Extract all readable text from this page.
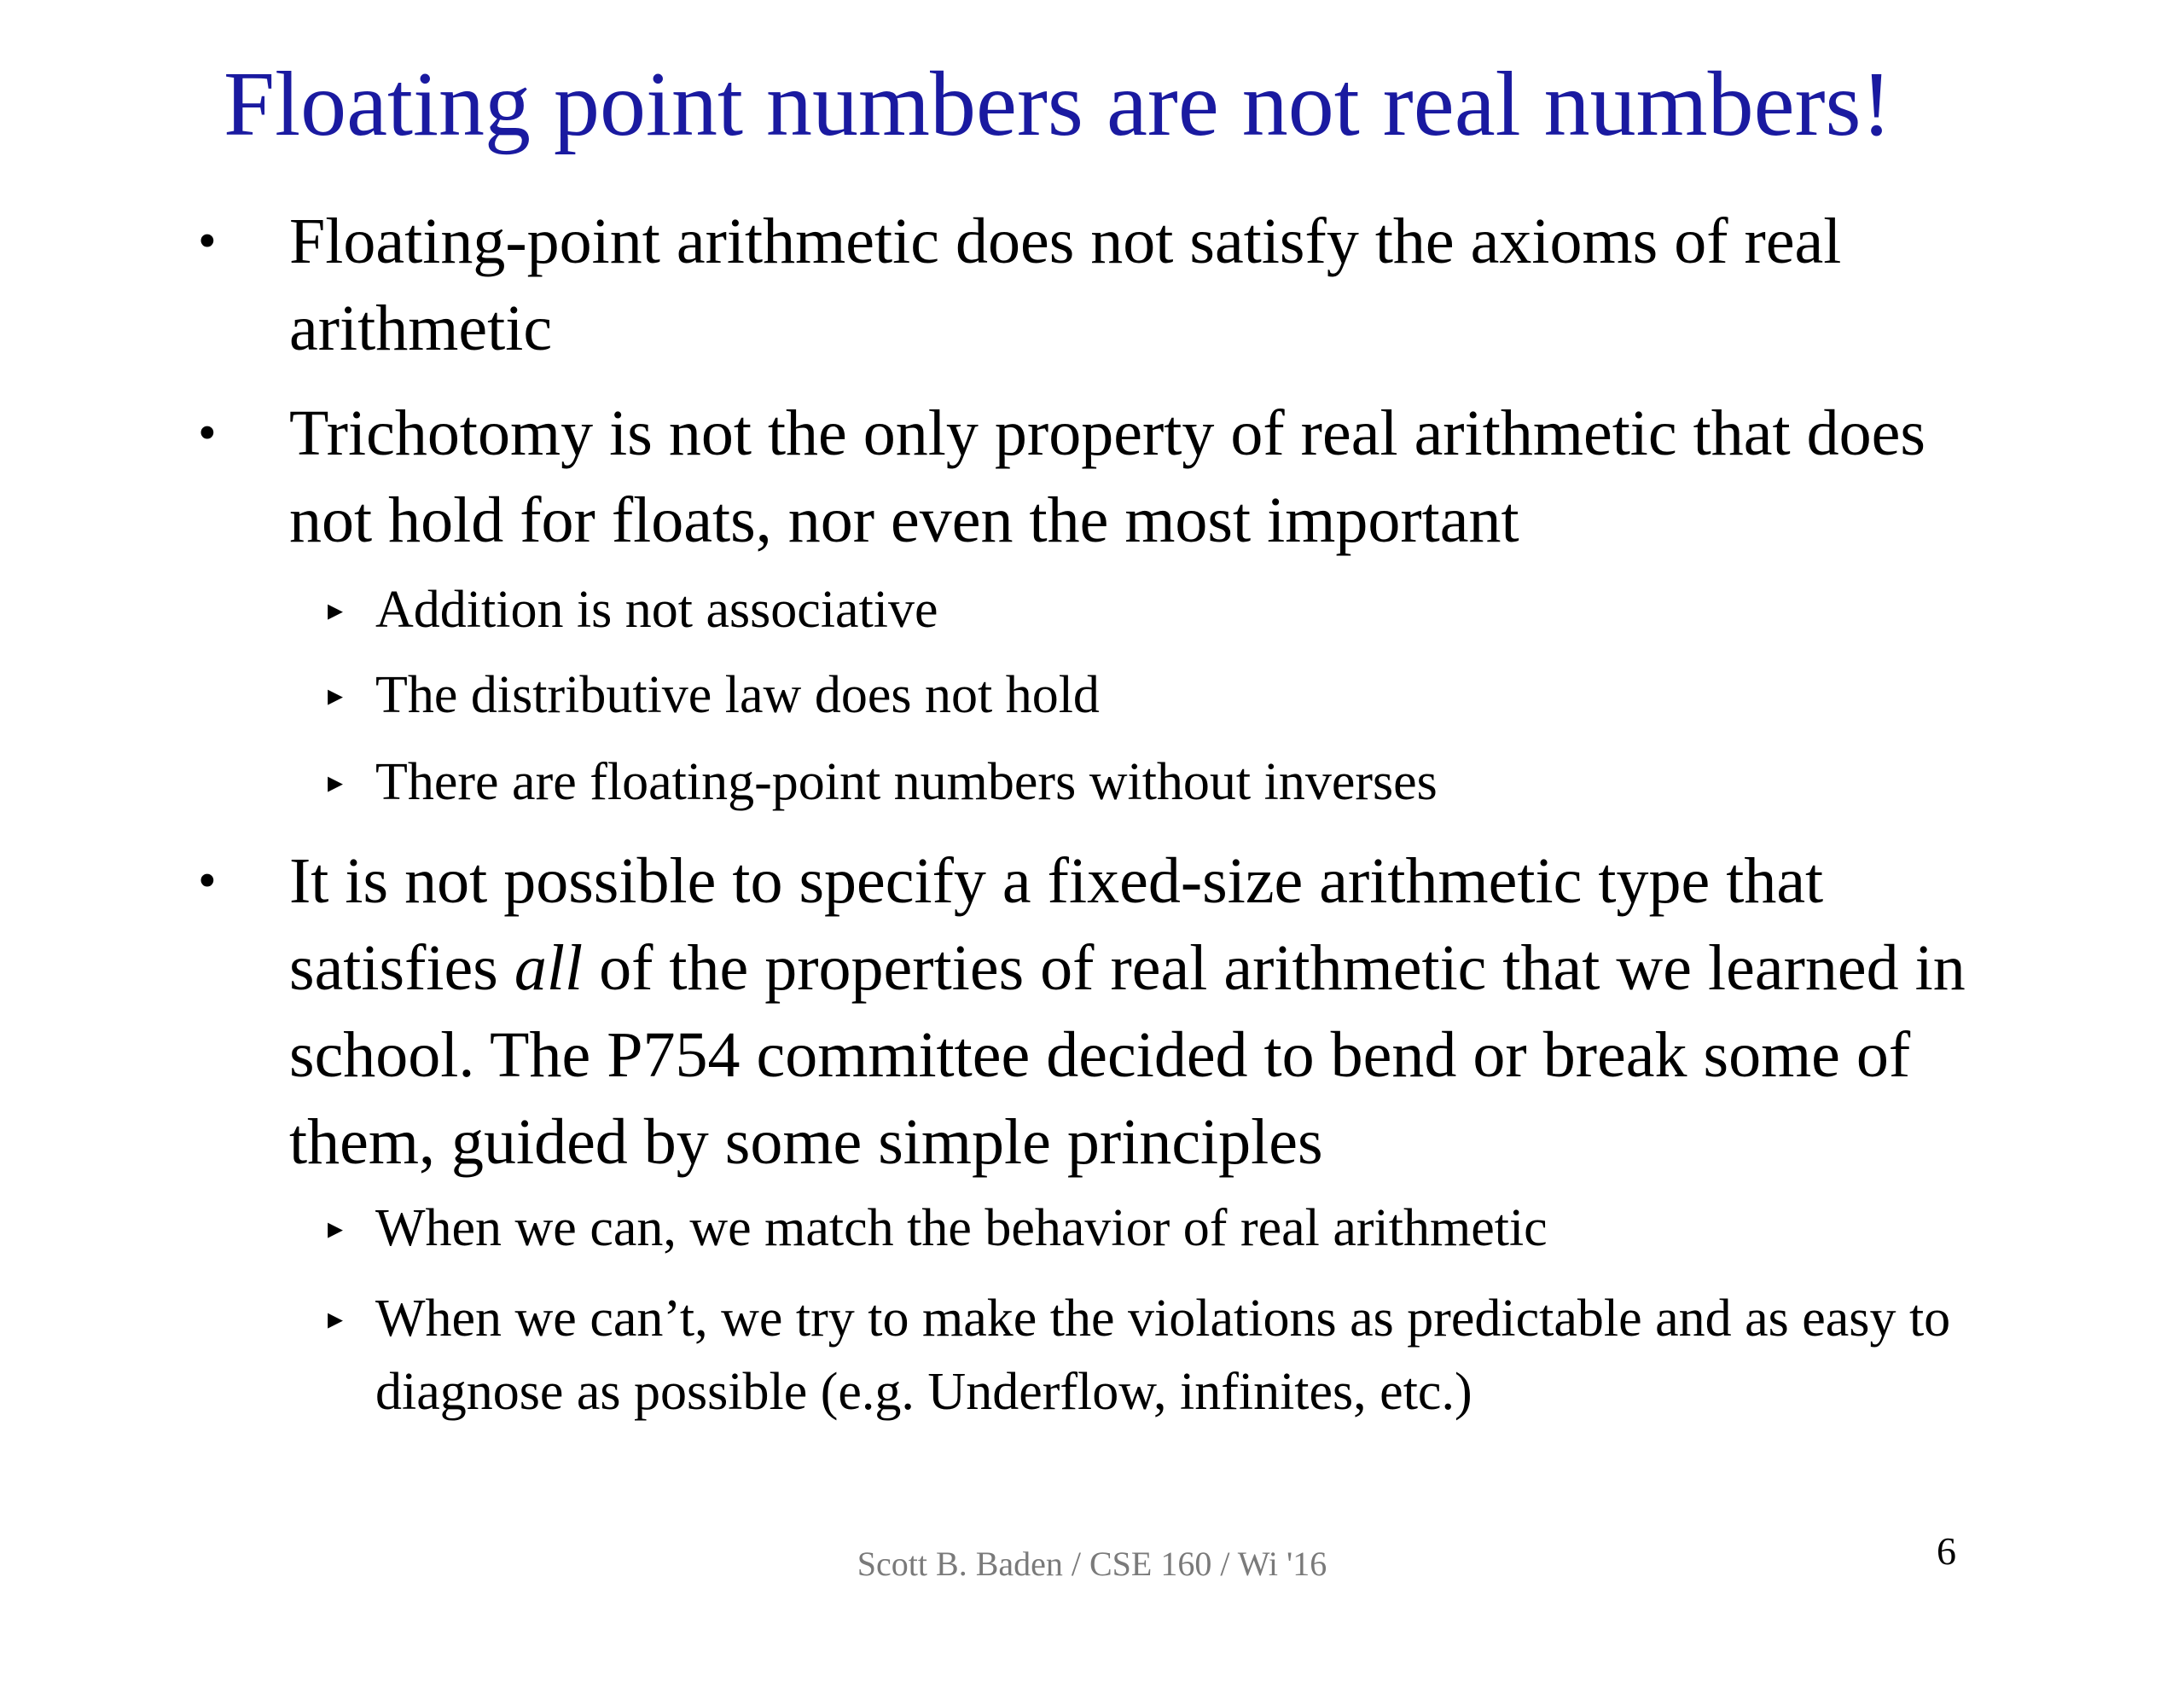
Floating point numbers are not real numbers!
•	Floating-point arithmetic does not satisfy the axioms of real arithmetic
•	Trichotomy is not the only property of real arithmetic that does not hold for floats, nor even the most important
▸ Addition is not associative
▸ The distributive law does not hold
▸ There are floating-point numbers without inverses
•	It is not possible to specify a fixed-size arithmetic type that satisfies all of the properties of real arithmetic that we learned in school. The P754 committee decided to bend or break some of them, guided by some simple principles
▸ When we can, we match the behavior of real arithmetic
▸ When we can’t, we try to make the violations as predictable and as easy to diagnose as possible (e.g. Underflow, infinites, etc.)
Scott B. Baden / CSE 160 / Wi '16	6
